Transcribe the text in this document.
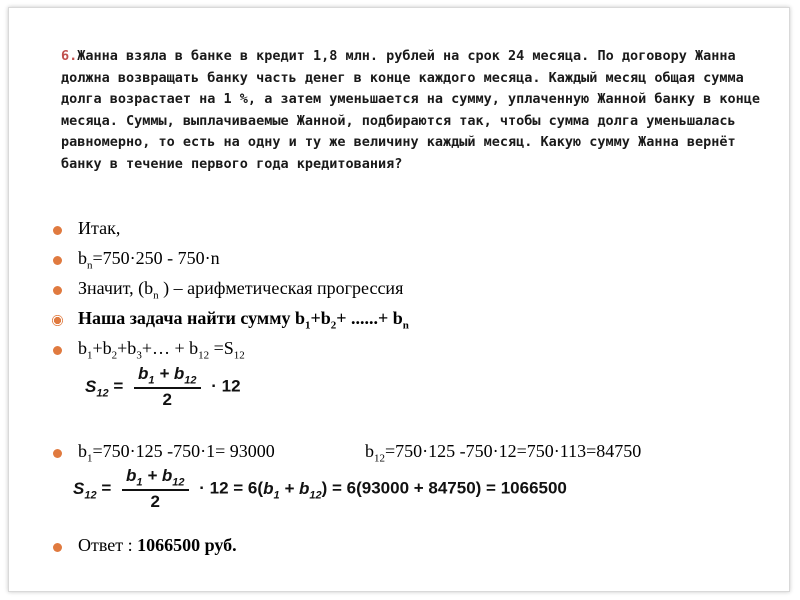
6.Жанна взяла в банке в кредит 1,8 млн. рублей на срок 24 месяца. По договору Жанна должна возвращать банку часть денег в конце каждого месяца. Каждый месяц общая сумма долга возрастает на 1 %, а затем уменьшается на сумму, уплаченную Жанной банку в конце месяца. Суммы, выплачиваемые Жанной, подбираются так, чтобы сумма долга уменьшалась равномерно, то есть на одну и ту же величину каждый месяц. Какую сумму Жанна вернёт банку в течение первого года кредитования?

Итак,
$b_n=750\cdot 250 - 750\cdot n$
Значит, ($b_n$ ) – арифметическая прогрессия
Наша задача найти сумму $b_1+b_2+$ ......+ $b_n$
$b_1+b_2+b_3+\dots + b_{12} =S_{12}$
$S_{12} = \frac{b_1 + b_{12}}{2} \cdot 12$
$b_1=750\cdot 125$ -750·1= 93000	$b_{12}=750\cdot 125$ -750·12=750·113=84750
$S_{12} = \frac{b_1 + b_{12}}{2} \cdot 12 = 6(b_1 + b_{12}) = 6(93000 + 84750) = 1066500$
Ответ : 1066500 руб.
